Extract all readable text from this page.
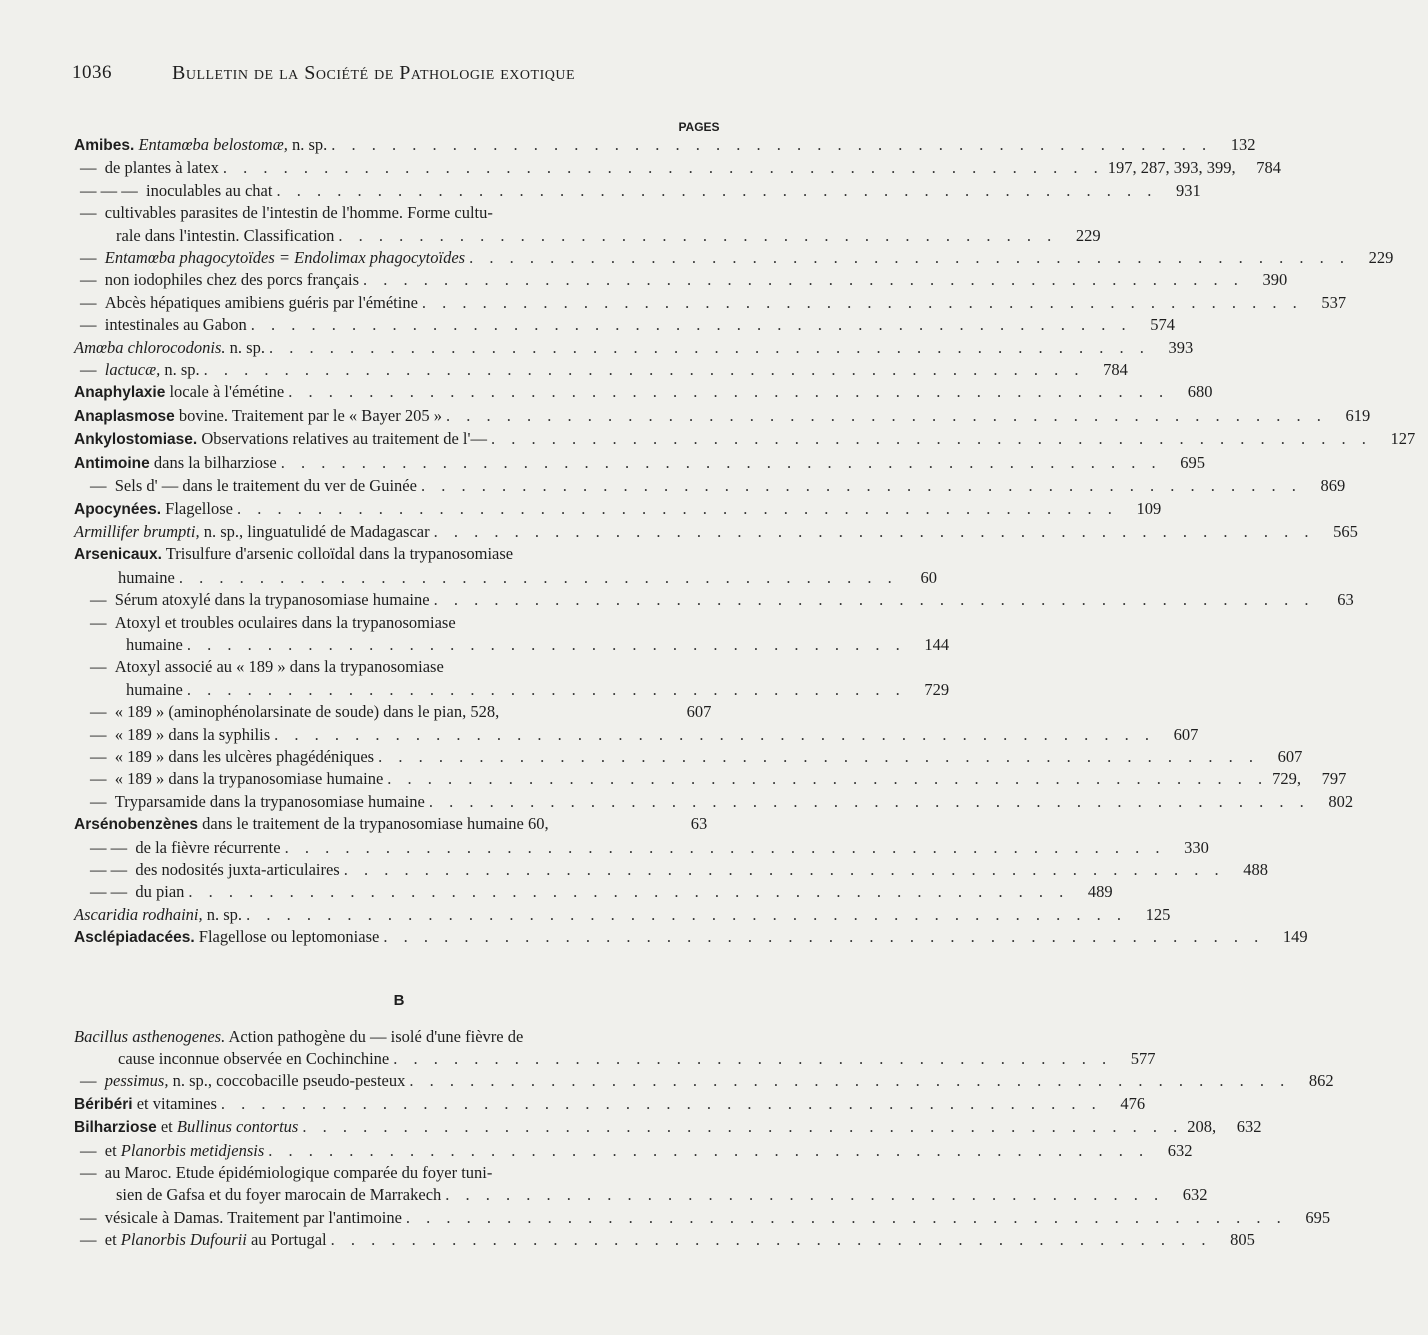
1036	Bulletin de la Société de Pathologie exotique
PAGES
Amibes. Entamœba belostomæ, n. sp. . . . . . . . . . . . . . . . . . . . . . . . . . . . . . . . . . . . . . . . . . . . .	132
—  de plantes à latex . . . . . . . . . . . . . . . . . . . . . . . . . . . . . . . . . . . . . . . . . . . . 197, 287, 393, 399,	784
— — —  inoculables au chat . . . . . . . . . . . . . . . . . . . . . . . . . . . . . . . . . . . . . . . . . . . .	931
—  cultivables parasites de l'intestin de l'homme. Forme cultu-
rale dans l'intestin. Classification . . . . . . . . . . . . . . . . . . . . . . . . . . . . . . . . . . . .	229
—  Entamœba phagocytoïdes = Endolimax phagocytoïdes . . . . . . . . . . . . . . . . . . . . . . . . . . . . . . . . . . . . . . . . . . . .	229
—  non iodophiles chez des porcs français . . . . . . . . . . . . . . . . . . . . . . . . . . . . . . . . . . . . . . . . . . . .	390
—  Abcès hépatiques amibiens guéris par l'émétine . . . . . . . . . . . . . . . . . . . . . . . . . . . . . . . . . . . . . . . . . . . .	537
—  intestinales au Gabon . . . . . . . . . . . . . . . . . . . . . . . . . . . . . . . . . . . . . . . . . . . .	574
Amœba chlorocodonis. n. sp. . . . . . . . . . . . . . . . . . . . . . . . . . . . . . . . . . . . . . . . . . . . .	393
—  lactucæ, n. sp. . . . . . . . . . . . . . . . . . . . . . . . . . . . . . . . . . . . . . . . . . . . .	784
Anaphylaxie locale à l'émétine . . . . . . . . . . . . . . . . . . . . . . . . . . . . . . . . . . . . . . . . . . . .	680
Anaplasmose bovine. Traitement par le « Bayer 205 » . . . . . . . . . . . . . . . . . . . . . . . . . . . . . . . . . . . . . . . . . . . .	619
Ankylostomiase. Observations relatives au traitement de l'— . . . . . . . . . . . . . . . . . . . . . . . . . . . . . . . . . . . . . . . . . . . .	127
Antimoine dans la bilharziose . . . . . . . . . . . . . . . . . . . . . . . . . . . . . . . . . . . . . . . . . . . .	695
—  Sels d' — dans le traitement du ver de Guinée . . . . . . . . . . . . . . . . . . . . . . . . . . . . . . . . . . . . . . . . . . . .	869
Apocynées. Flagellose . . . . . . . . . . . . . . . . . . . . . . . . . . . . . . . . . . . . . . . . . . . .	109
Armillifer brumpti, n. sp., linguatulidé de Madagascar . . . . . . . . . . . . . . . . . . . . . . . . . . . . . . . . . . . . . . . . . . . .	565
Arsenicaux. Trisulfure d'arsenic colloïdal dans la trypanosomiase
humaine . . . . . . . . . . . . . . . . . . . . . . . . . . . . . . . . . . . .	60
—  Sérum atoxylé dans la trypanosomiase humaine . . . . . . . . . . . . . . . . . . . . . . . . . . . . . . . . . . . . . . . . . . . .	63
—  Atoxyl et troubles oculaires dans la trypanosomiase
humaine . . . . . . . . . . . . . . . . . . . . . . . . . . . . . . . . . . . .	144
—  Atoxyl associé au « 189 » dans la trypanosomiase
humaine . . . . . . . . . . . . . . . . . . . . . . . . . . . . . . . . . . . .	729
—  « 189 » (aminophénolarsinate de soude) dans le pian, 528,	607
—  « 189 » dans la syphilis . . . . . . . . . . . . . . . . . . . . . . . . . . . . . . . . . . . . . . . . . . . .	607
—  « 189 » dans les ulcères phagédéniques . . . . . . . . . . . . . . . . . . . . . . . . . . . . . . . . . . . . . . . . . . . .	607
—  « 189 » dans la trypanosomiase humaine . . . . . . . . . . . . . . . . . . . . . . . . . . . . . . . . . . . . . . . . . . . . 729,	797
—  Tryparsamide dans la trypanosomiase humaine . . . . . . . . . . . . . . . . . . . . . . . . . . . . . . . . . . . . . . . . . . . .	802
Arsénobenzènes dans le traitement de la trypanosomiase humaine 60,	63
— —  de la fièvre récurrente . . . . . . . . . . . . . . . . . . . . . . . . . . . . . . . . . . . . . . . . . . . .	330
— —  des nodosités juxta-articulaires . . . . . . . . . . . . . . . . . . . . . . . . . . . . . . . . . . . . . . . . . . . .	488
— —  du pian . . . . . . . . . . . . . . . . . . . . . . . . . . . . . . . . . . . . . . . . . . . .	489
Ascaridia rodhaini, n. sp. . . . . . . . . . . . . . . . . . . . . . . . . . . . . . . . . . . . . . . . . . . . .	125
Asclépiadacées. Flagellose ou leptomoniase . . . . . . . . . . . . . . . . . . . . . . . . . . . . . . . . . . . . . . . . . . . .	149
B
Bacillus asthenogenes. Action pathogène du — isolé d'une fièvre de
cause inconnue observée en Cochinchine . . . . . . . . . . . . . . . . . . . . . . . . . . . . . . . . . . . .	577
—  pessimus, n. sp., coccobacille pseudo-pesteux . . . . . . . . . . . . . . . . . . . . . . . . . . . . . . . . . . . . . . . . . . . .	862
Béribéri et vitamines . . . . . . . . . . . . . . . . . . . . . . . . . . . . . . . . . . . . . . . . . . . .	476
Bilharziose et Bullinus contortus . . . . . . . . . . . . . . . . . . . . . . . . . . . . . . . . . . . . . . . . . . . . 208,	632
—  et Planorbis metidjensis . . . . . . . . . . . . . . . . . . . . . . . . . . . . . . . . . . . . . . . . . . . .	632
—  au Maroc. Etude épidémiologique comparée du foyer tuni-
sien de Gafsa et du foyer marocain de Marrakech . . . . . . . . . . . . . . . . . . . . . . . . . . . . . . . . . . . .	632
—  vésicale à Damas. Traitement par l'antimoine . . . . . . . . . . . . . . . . . . . . . . . . . . . . . . . . . . . . . . . . . . . .	695
—  et Planorbis Dufourii au Portugal . . . . . . . . . . . . . . . . . . . . . . . . . . . . . . . . . . . . . . . . . . . .	805
